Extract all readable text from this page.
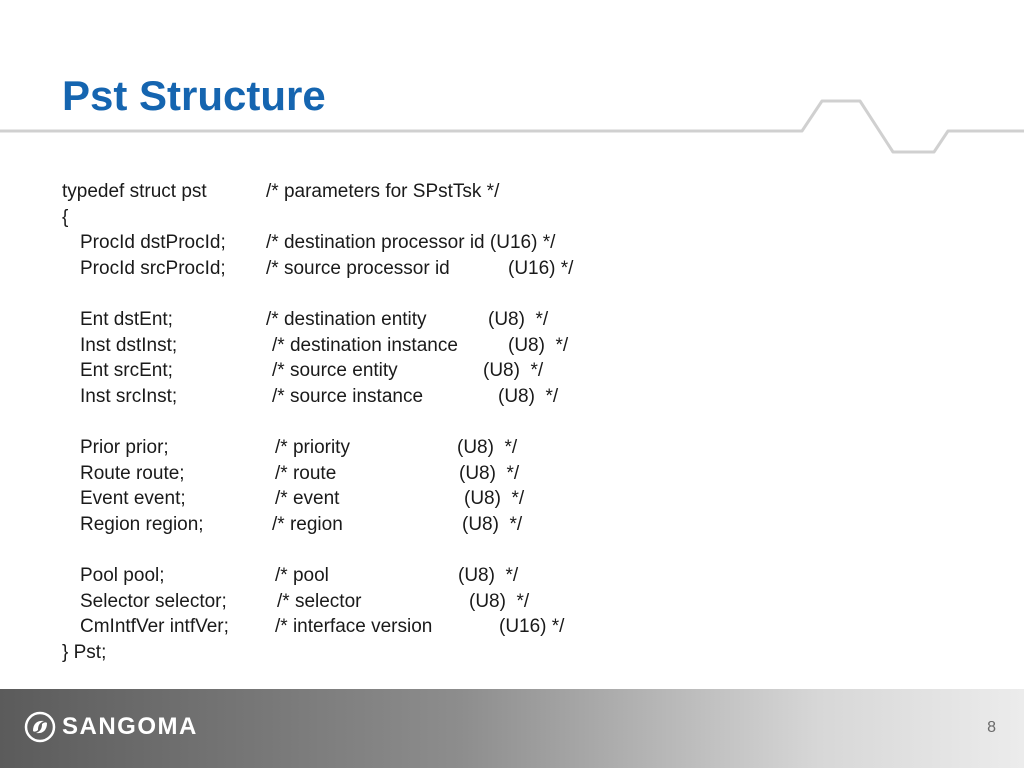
Pst Structure

typedef struct pst

	/* parameters for SPstTsk */

{

ProcId dstProcId;

/* destination processor id (U16) */

ProcId srcProcId;

/* source processor id

	(U16) */

Ent dstEnt;

	/* destination entity

	(U8)  */

Inst dstInst;

	/* destination instance

	(U8)  */

Ent srcEnt;

	/* source entity

	(U8)  */

Inst srcInst;

	/* source instance

	(U8)  */

Prior prior;

	/* priority

	(U8)  */

Route route;

	/* route

	(U8)  */

Event event;

	/* event

	(U8)  */

Region region;

	/* region

	(U8)  */

Pool pool;

	/* pool

	(U8)  */

Selector selector;

	/* selector

	(U8)  */

CmIntfVer intfVer;

/* interface version

	(U16) */

} Pst;

SANGOMA	8
